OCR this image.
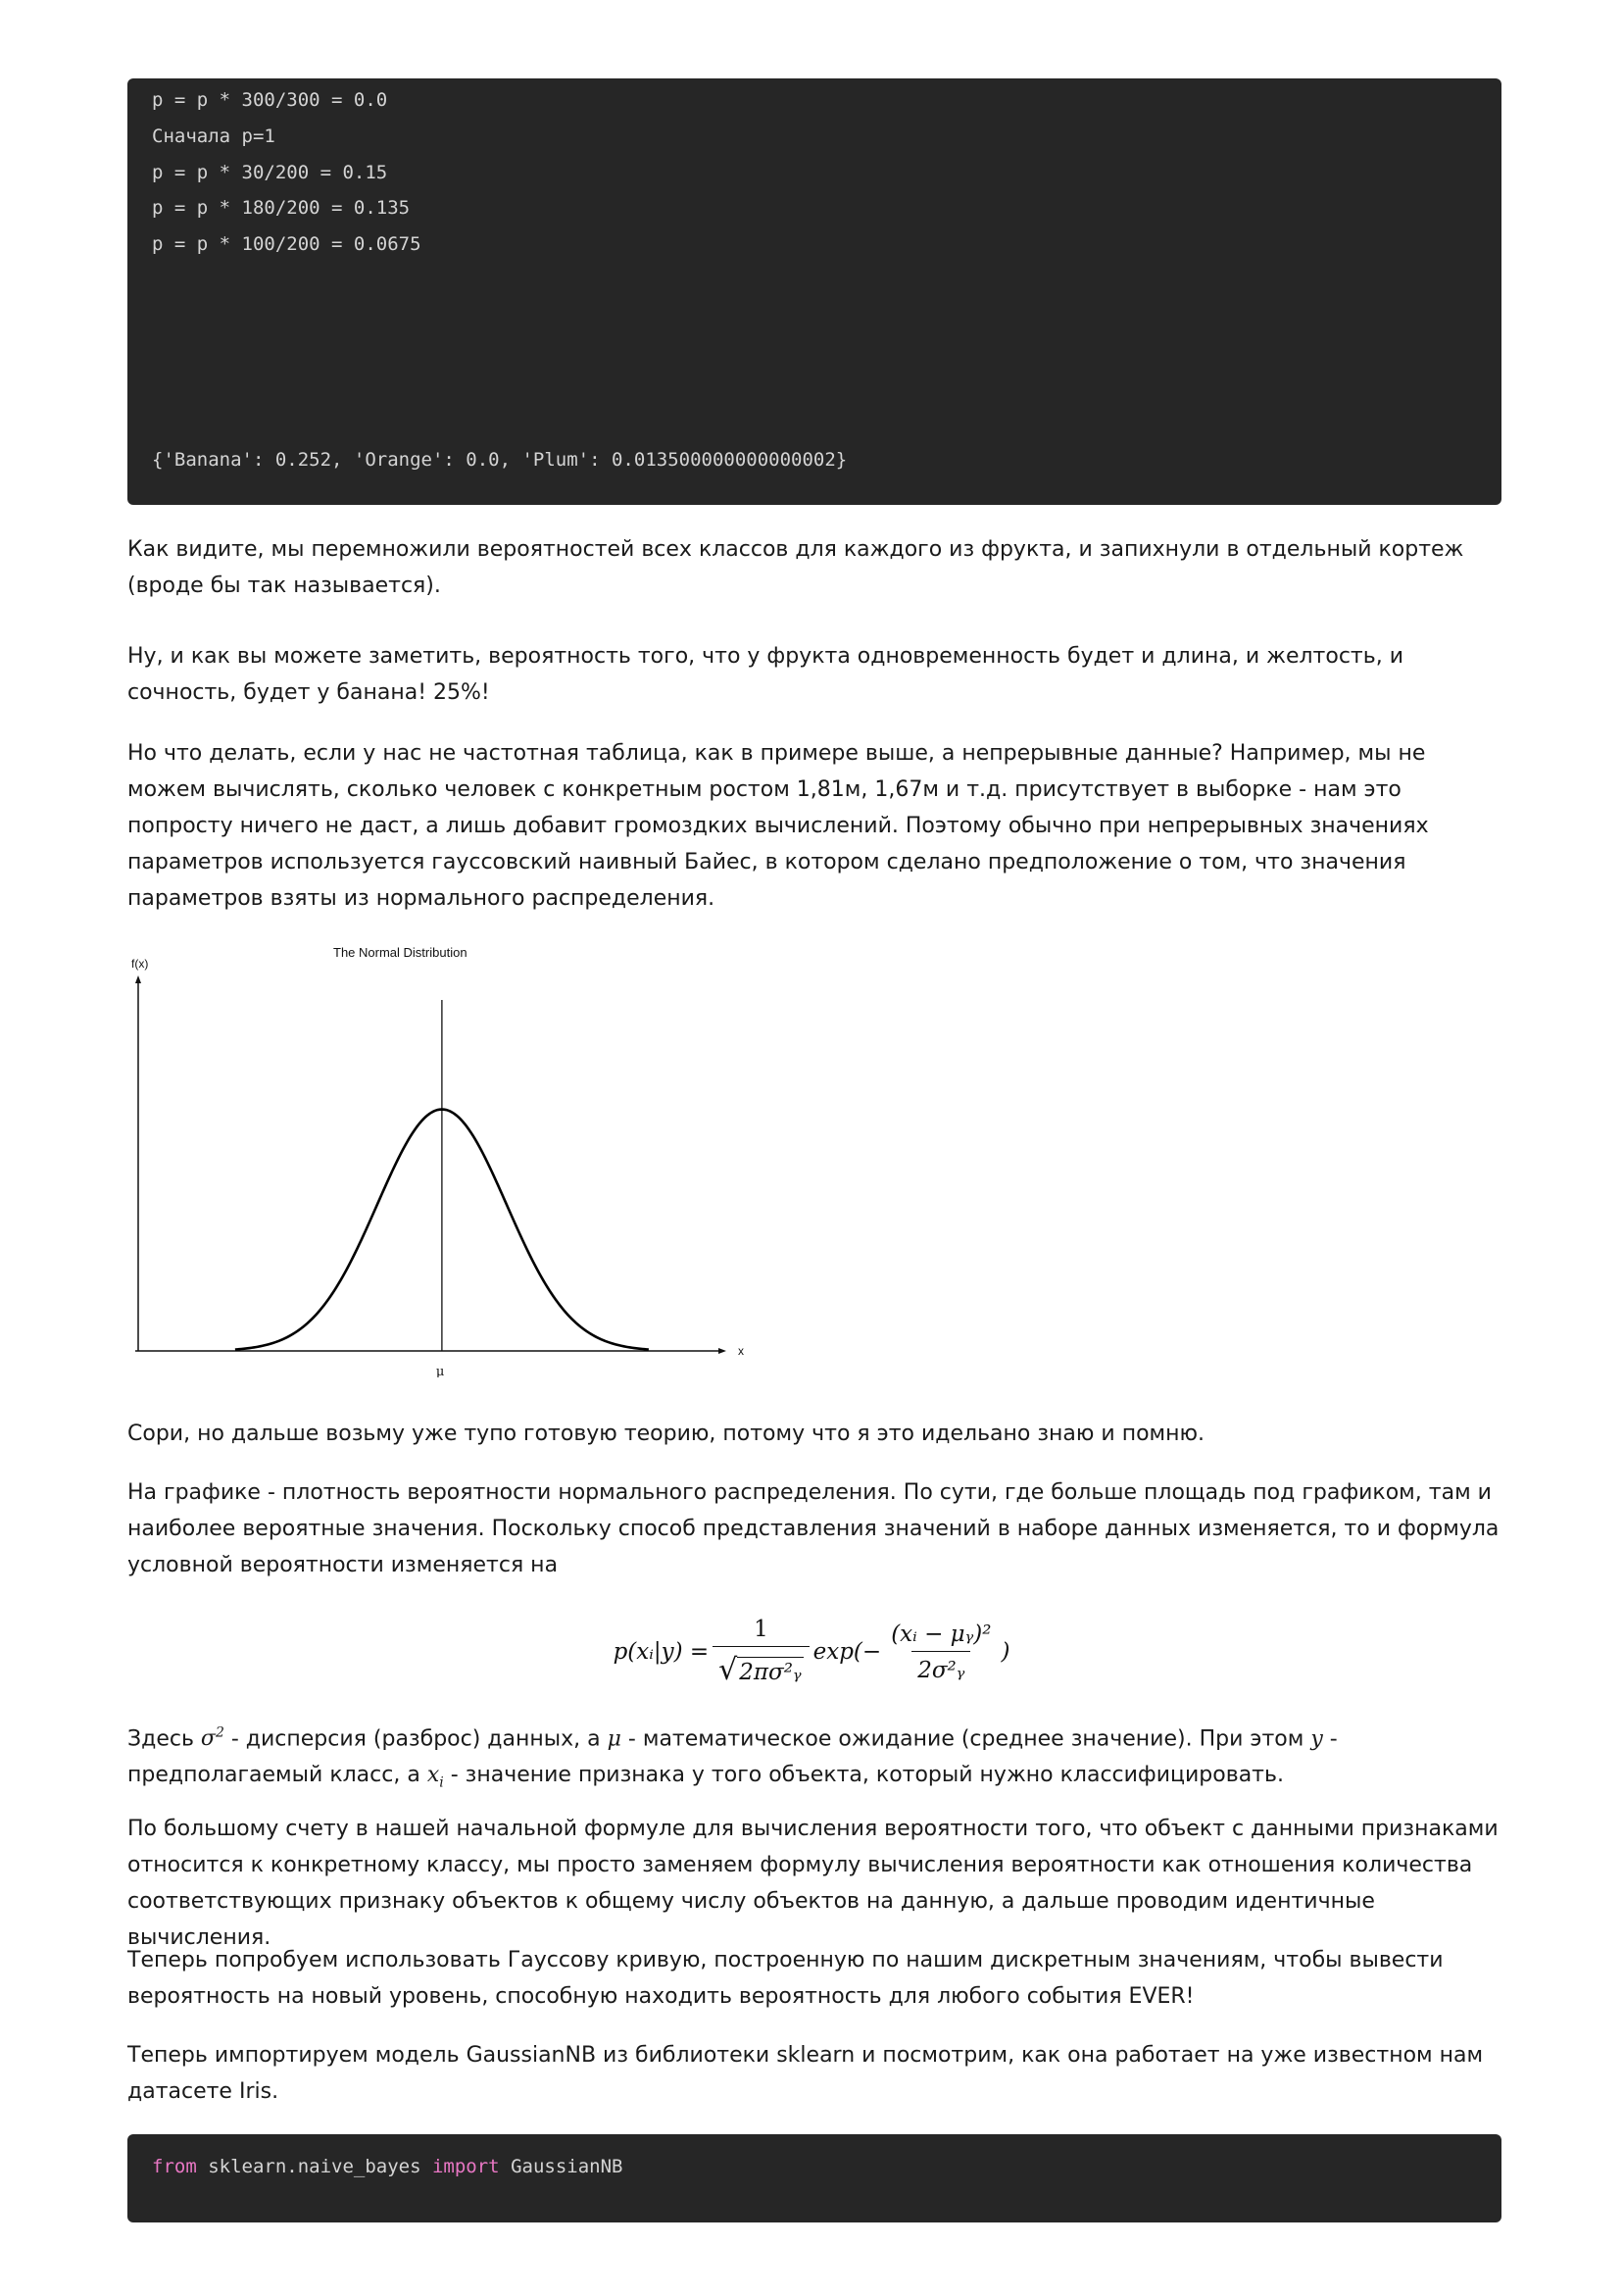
p = p * 300/300 = 0.0
Сначала p=1
p = p * 30/200 = 0.15
p = p * 180/200 = 0.135
p = p * 100/200 = 0.0675
{'Banana': 0.252, 'Orange': 0.0, 'Plum': 0.013500000000000002}

Как видите, мы перемножили вероятностей всех классов для каждого из фрукта, и запихнули в отдельный кортеж (вроде бы так называется).

Ну, и как вы можете заметить, вероятность того, что у фрукта одновременность будет и длина, и желтость, и сочность, будет у банана! 25%!

Но что делать, если у нас не частотная таблица, как в примере выше, а непрерывные данные? Например, мы не можем вычислять, сколько человек с конкретным ростом 1,81м, 1,67м и т.д. присутствует в выборке - нам это попросту ничего не даст, а лишь добавит громоздких вычислений. Поэтому обычно при непрерывных значениях параметров используется гауссовский наивный Байес, в котором сделано предположение о том, что значения параметров взяты из нормального распределения.

The Normal Distribution
f(x)
x
μ

Сори, но дальше возьму уже тупо готовую теорию, потому что я это идельано знаю и помню.

На графике - плотность вероятности нормального распределения. По сути, где больше площадь под графиком, там и наиболее вероятные значения. Поскольку способ представления значений в наборе данных изменяется, то и формула условной вероятности изменяется на

p(xᵢ|y) = $\frac{1}{\text{√2πσ²ᵧ}} \exp(- \frac{\text{(xᵢ − μᵧ)²}}{\text{2σ²ᵧ}}$ )

Здесь $\sigma^2$ - дисперсия (разброс) данных, а μ - математическое ожидание (среднее значение). При этом y - предполагаемый класс, а $x_i$ - значение признака у того объекта, который нужно классифицировать.

По большому счету в нашей начальной формуле для вычисления вероятности того, что объект с данными признаками относится к конкретному классу, мы просто заменяем формулу вычисления вероятности как отношения количества соответствующих признаку объектов к общему числу объектов на данную, а дальше проводим идентичные вычисления.

Теперь попробуем использовать Гауссову кривую, построенную по нашим дискретным значениям, чтобы вывести вероятность на новый уровень, способную находить вероятность для любого события EVER!

Теперь импортируем модель GaussianNB из библиотеки sklearn и посмотрим, как она работает на уже известном нам датасете Iris.

from sklearn.naive_bayes import GaussianNB
